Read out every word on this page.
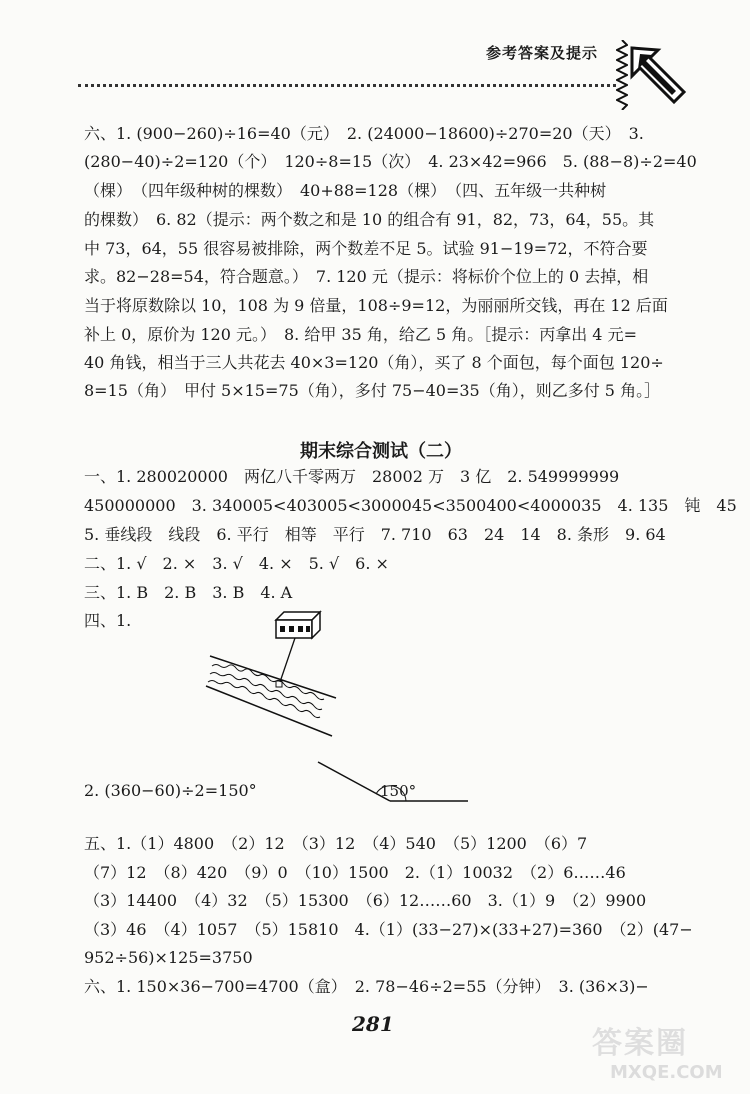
参考答案及提示
六、1. (900−260)÷16=40（元）　2. (24000−18600)÷270=20（天）　3.
(280−40)÷2=120（个）　120÷8=15（次）　4. 23×42=966　5. (88−8)÷2=40
（棵）　（四年级种树的棵数）　40+88=128（棵）　（四、五年级一共种树
的棵数）　6. 82（提示：两个数之和是 10 的组合有 91，82，73，64，55。其
中 73，64，55 很容易被排除，两个数差不足 5。试验 91−19=72，不符合要
求。82−28=54，符合题意。）　7. 120 元（提示：将标价个位上的 0 去掉，相
当于将原数除以 10，108 为 9 倍量，108÷9=12，为丽丽所交钱，再在 12 后面
补上 0，原价为 120 元。）　8. 给甲 35 角，给乙 5 角。［提示：丙拿出 4 元=
40 角钱，相当于三人共花去 40×3=120（角），买了 8 个面包，每个面包 120÷
8=15（角）　甲付 5×15=75（角），多付 75−40=35（角），则乙多付 5 角。］
期末综合测试（二）
一、1. 280020000　两亿八千零两万　28002 万　3 亿　2. 549999999
450000000　3. 340005<403005<3000045<3500400<4000035　4. 135　钝　45
5. 垂线段　线段　6. 平行　相等　平行　7. 710　63　24　14　8. 条形　9. 64
二、1. √　2. ×　3. √　4. ×　5. √　6. ×
三、1. B　2. B　3. B　4. A
四、1.
2. (360−60)÷2=150°	150°
五、1.（1）4800　（2）12　（3）12　（4）540　（5）1200　（6）7
（7）12　（8）420　（9）0　（10）1500　2.（1）10032　（2）6……46
（3）14400　（4）32　（5）15300　（6）12……60　3.（1）9　（2）9900
（3）46　（4）1057　（5）15810　4.（1）(33−27)×(33+27)=360　（2）(47−
952÷56)×125=3750
六、1. 150×36−700=4700（盒）　2. 78−46÷2=55（分钟）　3. (36×3)−
281
答案圈
MXQE.COM
